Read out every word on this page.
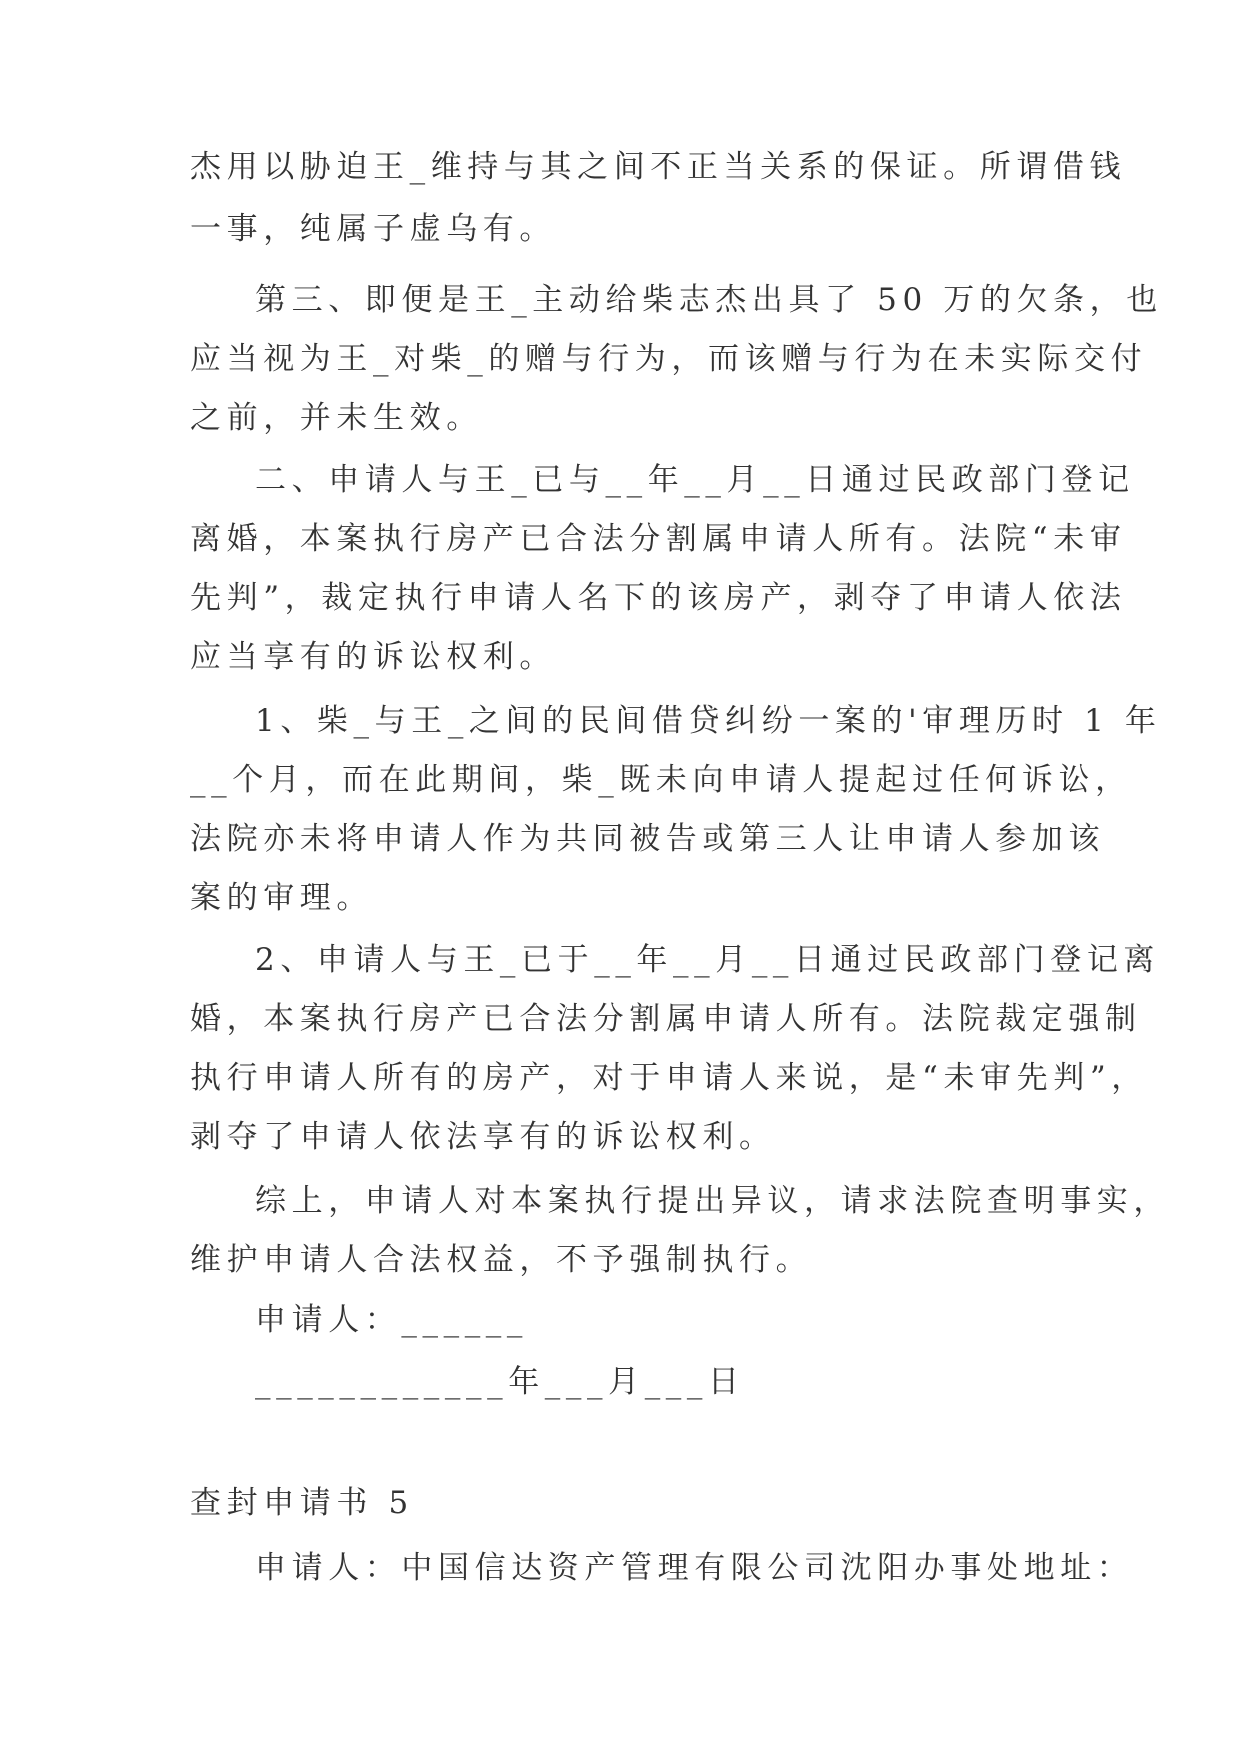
杰用以胁迫王_维持与其之间不正当关系的保证。所谓借钱
一事，纯属子虚乌有。
第三、即便是王_主动给柴志杰出具了 50 万的欠条，也
应当视为王_对柴_的赠与行为，而该赠与行为在未实际交付
之前，并未生效。
二、申请人与王_已与__年__月__日通过民政部门登记
离婚，本案执行房产已合法分割属申请人所有。法院“未审
先判”，裁定执行申请人名下的该房产，剥夺了申请人依法
应当享有的诉讼权利。
1、柴_与王_之间的民间借贷纠纷一案的'审理历时 1 年
__个月，而在此期间，柴_既未向申请人提起过任何诉讼，
法院亦未将申请人作为共同被告或第三人让申请人参加该
案的审理。
2、申请人与王_已于__年__月__日通过民政部门登记离
婚，本案执行房产已合法分割属申请人所有。法院裁定强制
执行申请人所有的房产，对于申请人来说，是“未审先判”，
剥夺了申请人依法享有的诉讼权利。
综上，申请人对本案执行提出异议，请求法院查明事实，
维护申请人合法权益，不予强制执行。
申请人：______
____________年___月___日
查封申请书 5
申请人：中国信达资产管理有限公司沈阳办事处地址：
